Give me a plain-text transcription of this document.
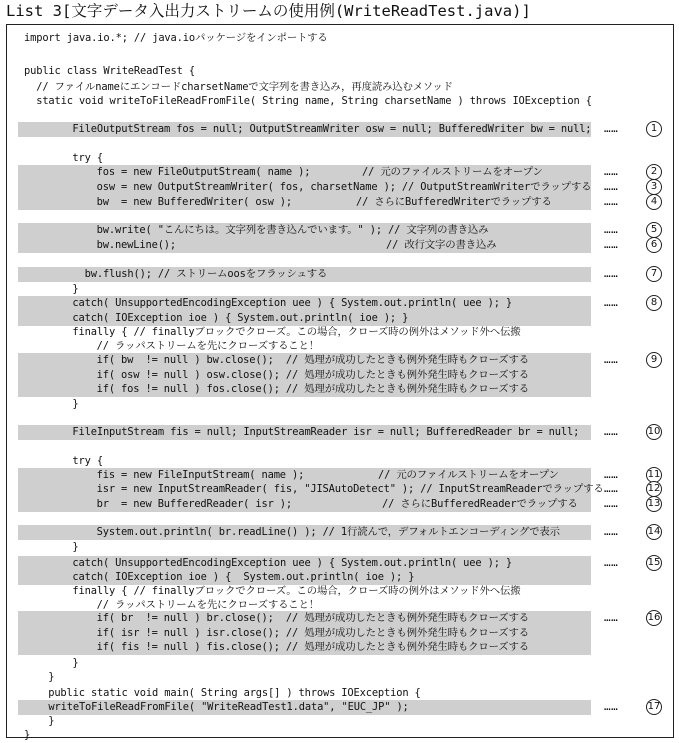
List 3[文字データ入出力ストリームの使用例(WriteReadTest.java)]
import java.io.*; // java.ioパッケージをインポートする
public class WriteReadTest {
// ファイルnameにエンコードcharsetNameで文字列を書き込み，再度読み込むメソッド
static void writeToFileReadFromFile( String name, String charsetName ) throws IOException {
FileOutputStream fos = null; OutputStreamWriter osw = null; BufferedWriter bw = null; ……	1
try {
fos = new FileOutputStream( name );	// 元のファイルストリームをオープン	……	2
osw = new OutputStreamWriter( fos, charsetName ); // OutputStreamWriterでラップする ……	3
bw  = new BufferedWriter( osw );	// さらにBufferedWriterでラップする	……	4
bw.write( "こんにちは。文字列を書き込んでいます。" ); // 文字列の書き込み	……	5
bw.newLine();	// 改行文字の書き込み	……	6
bw.flush(); // ストリームoosをフラッシュする	……	7
}
catch( UnsupportedEncodingException uee ) { System.out.println( uee ); }	……	8
catch( IOException ioe ) { System.out.println( ioe ); }
finally { // finallyブロックでクローズ。この場合，クローズ時の例外はメソッド外へ伝搬
// ラッパストリームを先にクローズすること！
if( bw  != null ) bw.close();  // 処理が成功したときも例外発生時もクローズする	……	9
if( osw != null ) osw.close(); // 処理が成功したときも例外発生時もクローズする
if( fos != null ) fos.close(); // 処理が成功したときも例外発生時もクローズする
}
FileInputStream fis = null; InputStreamReader isr = null; BufferedReader br = null; ……	10
try {
fis = new FileInputStream( name );	// 元のファイルストリームをオープン	……	11
isr = new InputStreamReader( fis, "JISAutoDetect" ); // InputStreamReaderでラップする ……	12
br  = new BufferedReader( isr );	// さらにBufferedReaderでラップする ……	13
System.out.println( br.readLine() ); // 1行読んで，デフォルトエンコーディングで表示	……	14
}
catch( UnsupportedEncodingException uee ) { System.out.println( uee ); }	……	15
catch( IOException ioe ) {  System.out.println( ioe ); }
finally { // finallyブロックでクローズ。この場合，クローズ時の例外はメソッド外へ伝搬
// ラッパストリームを先にクローズすること！
if( br  != null ) br.close();  // 処理が成功したときも例外発生時もクローズする	……	16
if( isr != null ) isr.close(); // 処理が成功したときも例外発生時もクローズする
if( fis != null ) fis.close(); // 処理が成功したときも例外発生時もクローズする
}
}
public static void main( String args[] ) throws IOException {
writeToFileReadFromFile( "WriteReadTest1.data", "EUC_JP" );	……	17
}
}
